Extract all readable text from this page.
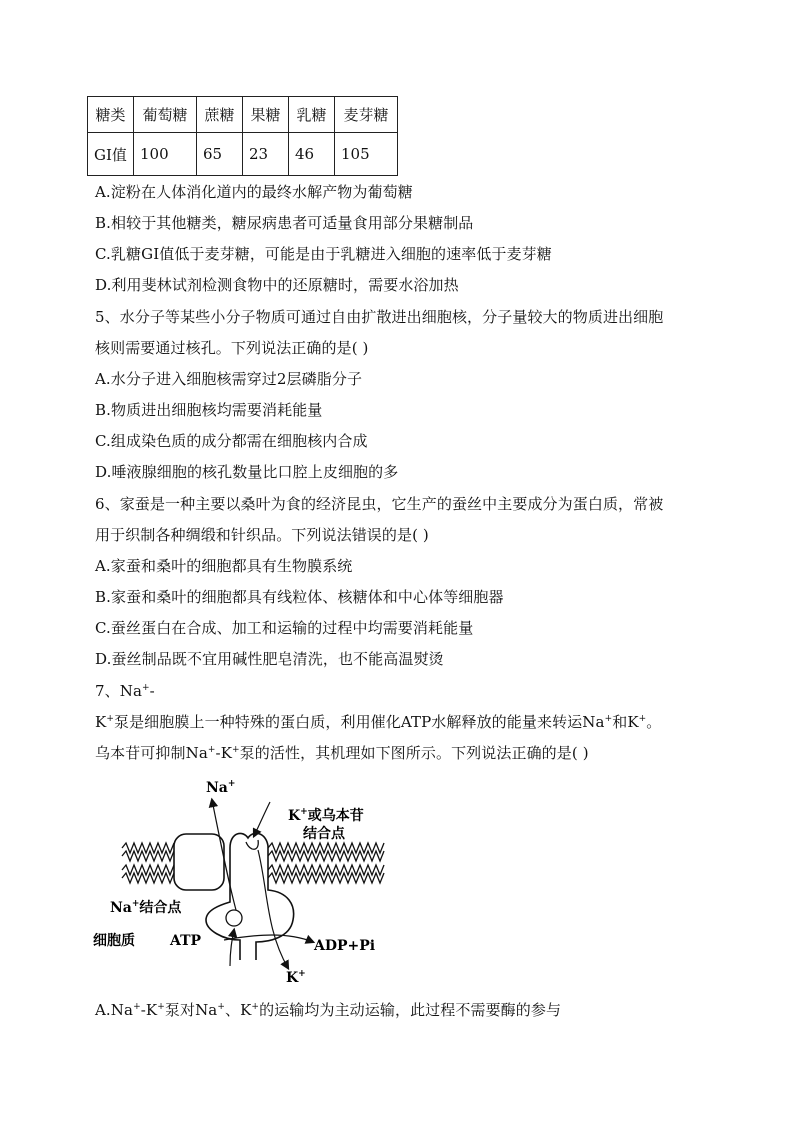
糖类	葡萄糖	蔗糖	果糖	乳糖	麦芽糖
GI值	100	65	23	46	105
A.淀粉在人体消化道内的最终水解产物为葡萄糖
B.相较于其他糖类，糖尿病患者可适量食用部分果糖制品
C.乳糖GI值低于麦芽糖，可能是由于乳糖进入细胞的速率低于麦芽糖
D.利用斐林试剂检测食物中的还原糖时，需要水浴加热
5、水分子等某些小分子物质可通过自由扩散进出细胞核，分子量较大的物质进出细胞
核则需要通过核孔。下列说法正确的是( )
A.水分子进入细胞核需穿过2层磷脂分子
B.物质进出细胞核均需要消耗能量
C.组成染色质的成分都需在细胞核内合成
D.唾液腺细胞的核孔数量比口腔上皮细胞的多
6、家蚕是一种主要以桑叶为食的经济昆虫，它生产的蚕丝中主要成分为蛋白质，常被
用于织制各种绸缎和针织品。下列说法错误的是( )
A.家蚕和桑叶的细胞都具有生物膜系统
B.家蚕和桑叶的细胞都具有线粒体、核糖体和中心体等细胞器
C.蚕丝蛋白在合成、加工和运输的过程中均需要消耗能量
D.蚕丝制品既不宜用碱性肥皂清洗，也不能高温熨烫
7、Na+-
K+泵是细胞膜上一种特殊的蛋白质，利用催化ATP水解释放的能量来转运Na+和K+。
乌本苷可抑制Na+-K+泵的活性，其机理如下图所示。下列说法正确的是( )
Na+
K+或乌本苷
结合点
Na+结合点
细胞质	ATP	ADP+Pi
K+
A.Na+-K+泵对Na+、K+的运输均为主动运输，此过程不需要酶的参与
